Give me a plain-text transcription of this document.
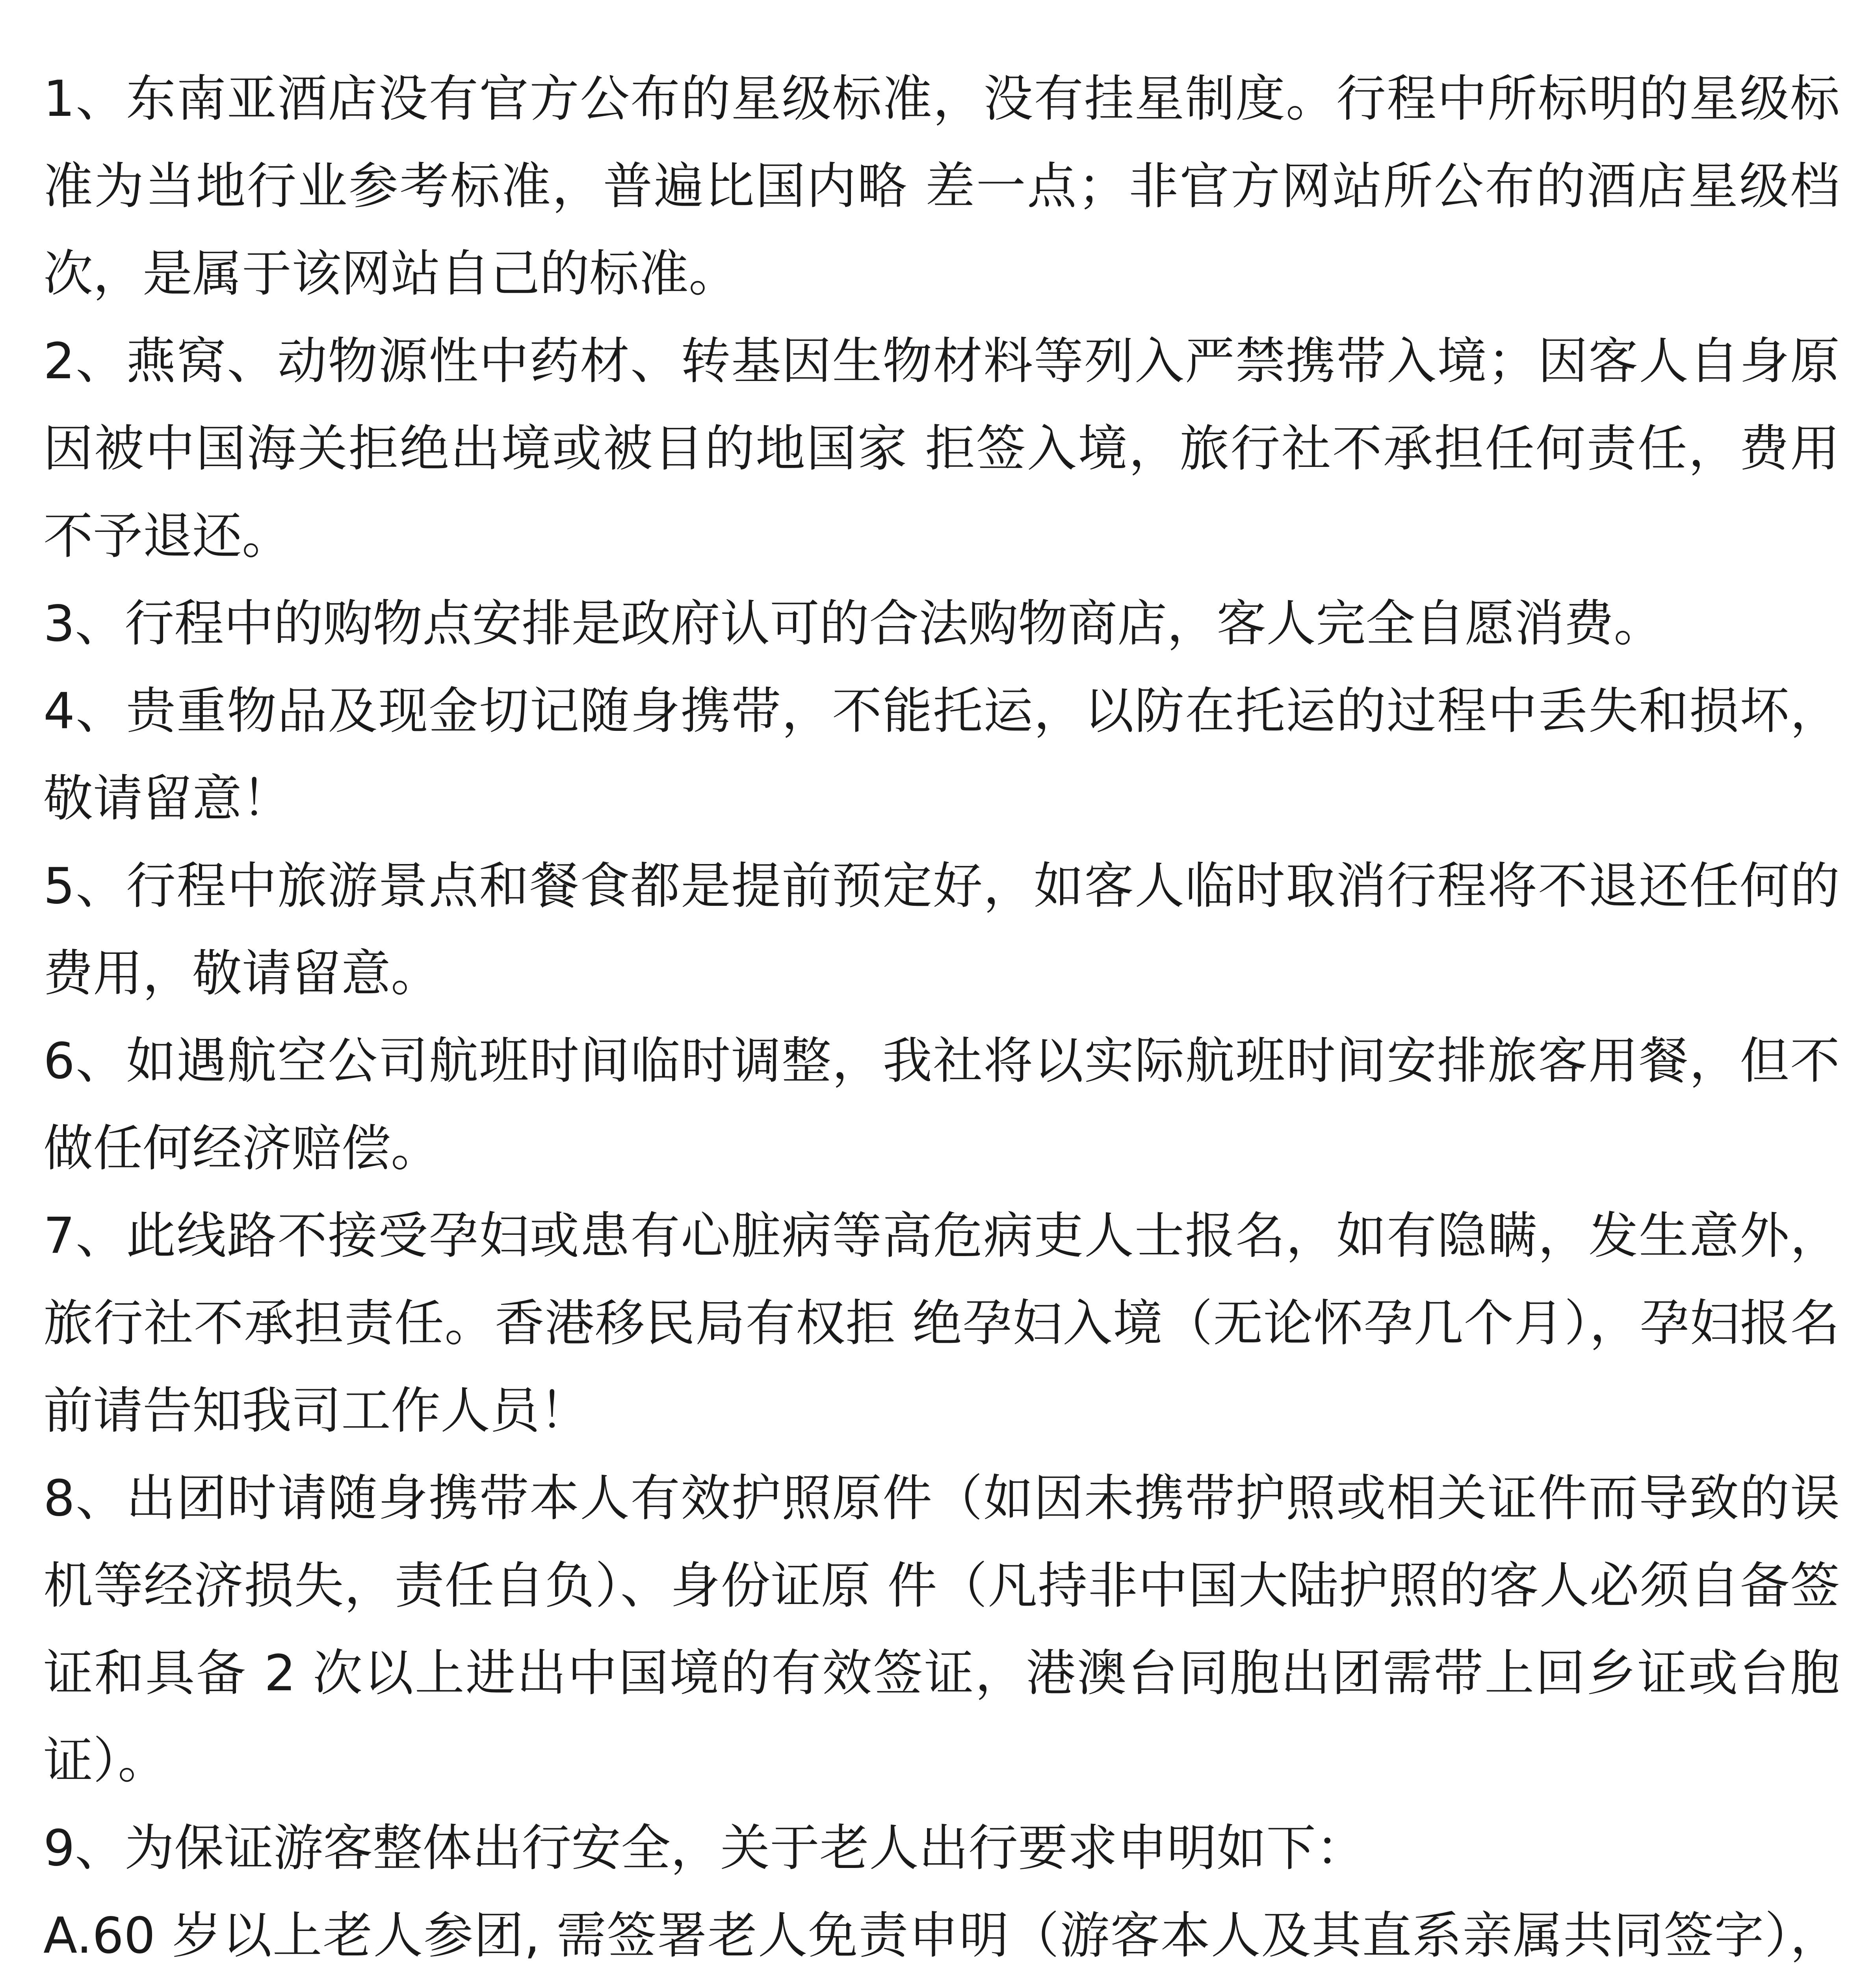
1、东南亚酒店没有官方公布的星级标准，没有挂星制度。行程中所标明的星级标准为当地行业参考标准，普遍比国内略 差一点；非官方网站所公布的酒店星级档次，是属于该网站自己的标准。

2、燕窝、动物源性中药材、转基因生物材料等列入严禁携带入境；因客人自身原因被中国海关拒绝出境或被目的地国家 拒签入境，旅行社不承担任何责任，费用不予退还。

3、行程中的购物点安排是政府认可的合法购物商店，客人完全自愿消费。

4、贵重物品及现金切记随身携带，不能托运，以防在托运的过程中丢失和损坏，敬请留意！

5、行程中旅游景点和餐食都是提前预定好，如客人临时取消行程将不退还任何的费用，敬请留意。

6、如遇航空公司航班时间临时调整，我社将以实际航班时间安排旅客用餐，但不做任何经济赔偿。

7、此线路不接受孕妇或患有心脏病等高危病吏人士报名，如有隐瞒，发生意外，旅行社不承担责任。香港移民局有权拒 绝孕妇入境（无论怀孕几个月），孕妇报名前请告知我司工作人员！

8、出团时请随身携带本人有效护照原件（如因未携带护照或相关证件而导致的误机等经济损失，责任自负）、身份证原 件（凡持非中国大陆护照的客人必须自备签证和具备 2 次以上进出中国境的有效签证，港澳台同胞出团需带上回乡证或台胞证）。

9、为保证游客整体出行安全，关于老人出行要求申明如下：

A.60 岁以上老人参团, 需签署老人免责申明（游客本人及其直系亲属共同签字），
